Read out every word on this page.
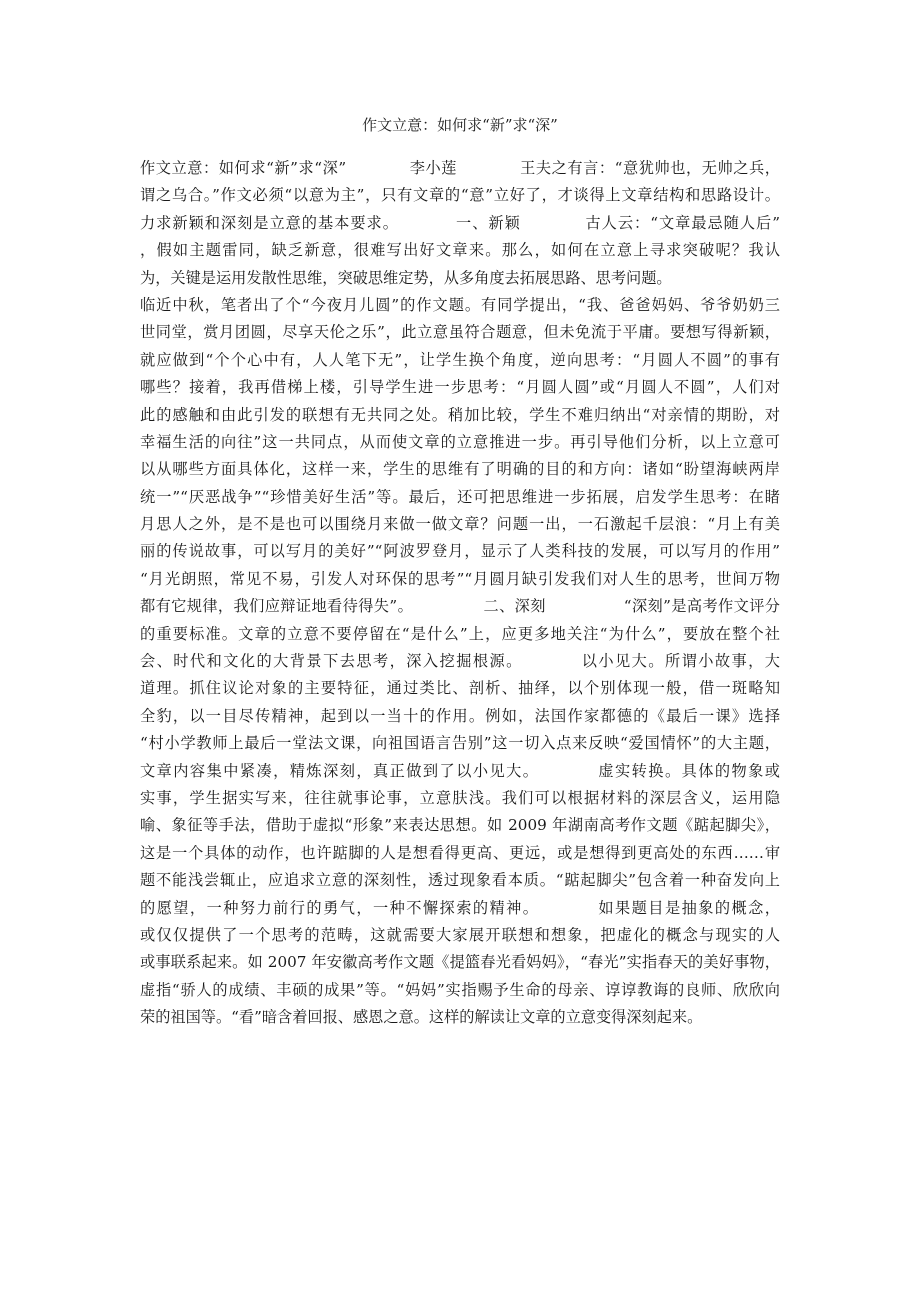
作文立意：如何求“新”求“深”
作文立意：如何求“新”求“深”　　　　李小莲　　　　王夫之有言：“意犹帅也，无帅之兵，
谓之乌合。”作文必须“以意为主”，只有文章的“意”立好了，才谈得上文章结构和思路设计。
力求新颖和深刻是立意的基本要求。　　　　一、新颖　　　　古人云：“文章最忌随人后”
，假如主题雷同，缺乏新意，很难写出好文章来。那么，如何在立意上寻求突破呢？我认
为，关键是运用发散性思维，突破思维定势，从多角度去拓展思路、思考问题。
临近中秋，笔者出了个“今夜月儿圆”的作文题。有同学提出，“我、爸爸妈妈、爷爷奶奶三
世同堂，赏月团圆，尽享天伦之乐”，此立意虽符合题意，但未免流于平庸。要想写得新颖，
就应做到“个个心中有，人人笔下无”，让学生换个角度，逆向思考：“月圆人不圆”的事有
哪些？接着，我再借梯上楼，引导学生进一步思考：“月圆人圆”或“月圆人不圆”，人们对
此的感触和由此引发的联想有无共同之处。稍加比较，学生不难归纳出“对亲情的期盼，对
幸福生活的向往”这一共同点，从而使文章的立意推进一步。再引导他们分析，以上立意可
以从哪些方面具体化，这样一来，学生的思维有了明确的目的和方向：诸如“盼望海峡两岸
统一”“厌恶战争”“珍惜美好生活”等。最后，还可把思维进一步拓展，启发学生思考：在睹
月思人之外，是不是也可以围绕月来做一做文章？问题一出，一石激起千层浪：“月上有美
丽的传说故事，可以写月的美好”“阿波罗登月，显示了人类科技的发展，可以写月的作用”
“月光朗照，常见不易，引发人对环保的思考”“月圆月缺引发我们对人生的思考，世间万物
都有它规律，我们应辩证地看待得失”。　　　　　二、深刻　　　　　“深刻”是高考作文评分
的重要标准。文章的立意不要停留在“是什么”上，应更多地关注“为什么”，要放在整个社
会、时代和文化的大背景下去思考，深入挖掘根源。　　　　以小见大。所谓小故事，大
道理。抓住议论对象的主要特征，通过类比、剖析、抽绎，以个别体现一般，借一斑略知
全豹，以一目尽传精神，起到以一当十的作用。例如，法国作家都德的《最后一课》选择
“村小学教师上最后一堂法文课，向祖国语言告别”这一切入点来反映“爱国情怀”的大主题，
文章内容集中紧凑，精炼深刻，真正做到了以小见大。　　　　虚实转换。具体的物象或
实事，学生据实写来，往往就事论事，立意肤浅。我们可以根据材料的深层含义，运用隐
喻、象征等手法，借助于虚拟“形象”来表达思想。如 2009 年湖南高考作文题《踮起脚尖》，
这是一个具体的动作，也许踮脚的人是想看得更高、更远，或是想得到更高处的东西……审
题不能浅尝辄止，应追求立意的深刻性，透过现象看本质。“踮起脚尖”包含着一种奋发向上
的愿望，一种努力前行的勇气，一种不懈探索的精神。　　　　如果题目是抽象的概念，
或仅仅提供了一个思考的范畴，这就需要大家展开联想和想象，把虚化的概念与现实的人
或事联系起来。如 2007 年安徽高考作文题《提篮春光看妈妈》，“春光”实指春天的美好事物，
虚指“骄人的成绩、丰硕的成果”等。“妈妈”实指赐予生命的母亲、谆谆教诲的良师、欣欣向
荣的祖国等。“看”暗含着回报、感恩之意。这样的解读让文章的立意变得深刻起来。
